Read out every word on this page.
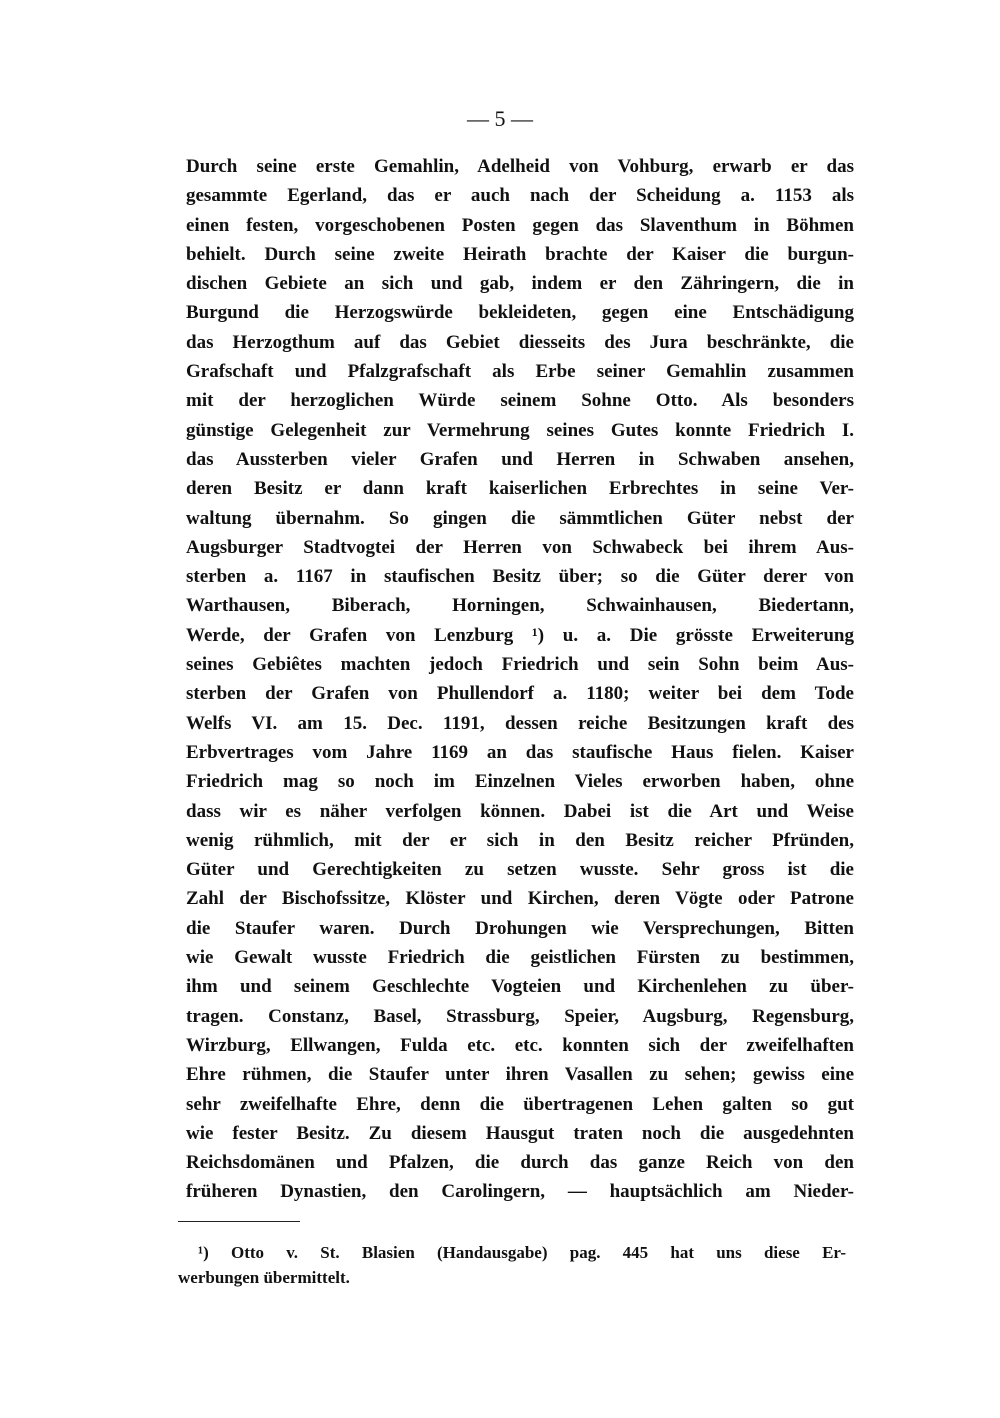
— 5 —
Durch seine erste Gemahlin, Adelheid von Vohburg, erwarb er das
gesammte Egerland, das er auch nach der Scheidung a. 1153 als
einen festen, vorgeschobenen Posten gegen das Slaventhum in Böhmen
behielt. Durch seine zweite Heirath brachte der Kaiser die burgun-
dischen Gebiete an sich und gab, indem er den Zähringern, die in
Burgund die Herzogswürde bekleideten, gegen eine Entschädigung
das Herzogthum auf das Gebiet diesseits des Jura beschränkte, die
Grafschaft und Pfalzgrafschaft als Erbe seiner Gemahlin zusammen
mit der herzoglichen Würde seinem Sohne Otto. Als besonders
günstige Gelegenheit zur Vermehrung seines Gutes konnte Friedrich I.
das Aussterben vieler Grafen und Herren in Schwaben ansehen,
deren Besitz er dann kraft kaiserlichen Erbrechtes in seine Ver-
waltung übernahm. So gingen die sämmtlichen Güter nebst der
Augsburger Stadtvogtei der Herren von Schwabeck bei ihrem Aus-
sterben a. 1167 in staufischen Besitz über; so die Güter derer von
Warthausen, Biberach, Horningen, Schwainhausen, Biedertann,
Werde, der Grafen von Lenzburg ¹) u. a. Die grösste Erweiterung
seines Gebiêtes machten jedoch Friedrich und sein Sohn beim Aus-
sterben der Grafen von Phullendorf a. 1180; weiter bei dem Tode
Welfs VI. am 15. Dec. 1191, dessen reiche Besitzungen kraft des
Erbvertrages vom Jahre 1169 an das staufische Haus fielen. Kaiser
Friedrich mag so noch im Einzelnen Vieles erworben haben, ohne
dass wir es näher verfolgen können. Dabei ist die Art und Weise
wenig rühmlich, mit der er sich in den Besitz reicher Pfründen,
Güter und Gerechtigkeiten zu setzen wusste. Sehr gross ist die
Zahl der Bischofssitze, Klöster und Kirchen, deren Vögte oder Patrone
die Staufer waren. Durch Drohungen wie Versprechungen, Bitten
wie Gewalt wusste Friedrich die geistlichen Fürsten zu bestimmen,
ihm und seinem Geschlechte Vogteien und Kirchenlehen zu über-
tragen. Constanz, Basel, Strassburg, Speier, Augsburg, Regensburg,
Wirzburg, Ellwangen, Fulda etc. etc. konnten sich der zweifelhaften
Ehre rühmen, die Staufer unter ihren Vasallen zu sehen; gewiss eine
sehr zweifelhafte Ehre, denn die übertragenen Lehen galten so gut
wie fester Besitz. Zu diesem Hausgut traten noch die ausgedehnten
Reichsdomänen und Pfalzen, die durch das ganze Reich von den
früheren Dynastien, den Carolingern, — hauptsächlich am Nieder-
¹) Otto v. St. Blasien (Handausgabe) pag. 445 hat uns diese Er-
werbungen übermittelt.
